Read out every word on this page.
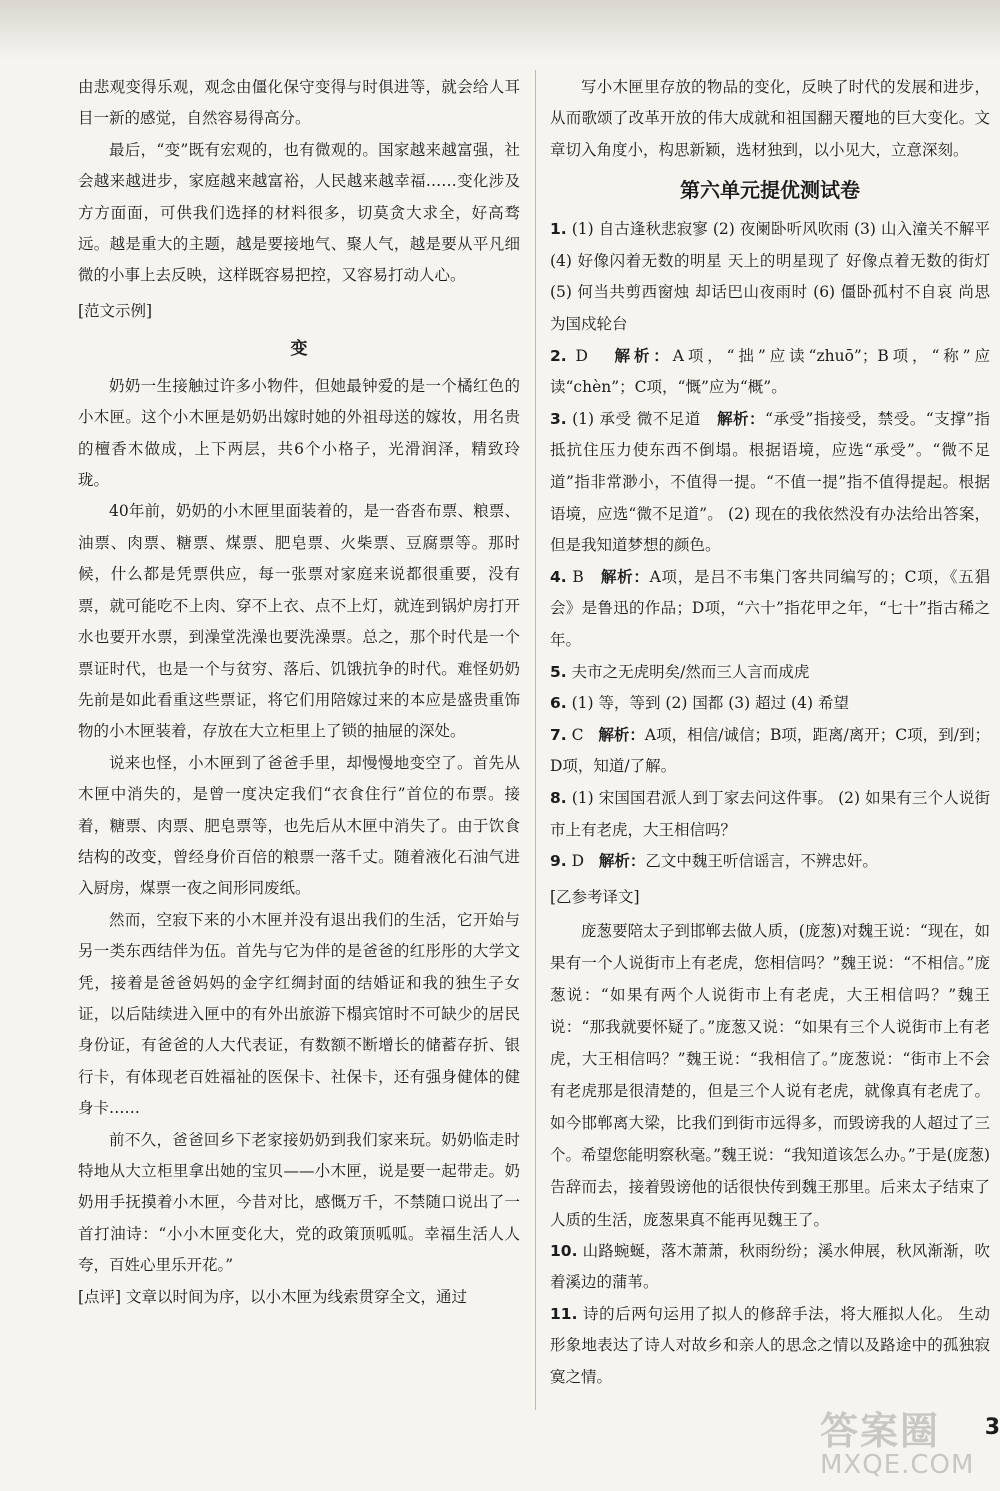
由悲观变得乐观，观念由僵化保守变得与时俱进等，就会给人耳目一新的感觉，自然容易得高分。

最后，“变”既有宏观的，也有微观的。国家越来越富强，社会越来越进步，家庭越来越富裕，人民越来越幸福……变化涉及方方面面，可供我们选择的材料很多，切莫贪大求全，好高骛远。越是重大的主题，越是要接地气、聚人气，越是要从平凡细微的小事上去反映，这样既容易把控，又容易打动人心。

[范文示例]
变

奶奶一生接触过许多小物件，但她最钟爱的是一个橘红色的小木匣。这个小木匣是奶奶出嫁时她的外祖母送的嫁妆，用名贵的檀香木做成，上下两层，共6个小格子，光滑润泽，精致玲珑。

40年前，奶奶的小木匣里面装着的，是一沓沓布票、粮票、油票、肉票、糖票、煤票、肥皂票、火柴票、豆腐票等。那时候，什么都是凭票供应，每一张票对家庭来说都很重要，没有票，就可能吃不上肉、穿不上衣、点不上灯，就连到锅炉房打开水也要开水票，到澡堂洗澡也要洗澡票。总之，那个时代是一个票证时代，也是一个与贫穷、落后、饥饿抗争的时代。难怪奶奶先前是如此看重这些票证，将它们用陪嫁过来的本应是盛贵重饰物的小木匣装着，存放在大立柜里上了锁的抽屉的深处。

说来也怪，小木匣到了爸爸手里，却慢慢地变空了。首先从木匣中消失的，是曾一度决定我们“衣食住行”首位的布票。接着，糖票、肉票、肥皂票等，也先后从木匣中消失了。由于饮食结构的改变，曾经身价百倍的粮票一落千丈。随着液化石油气进入厨房，煤票一夜之间形同废纸。

然而，空寂下来的小木匣并没有退出我们的生活，它开始与另一类东西结伴为伍。首先与它为伴的是爸爸的红彤彤的大学文凭，接着是爸爸妈妈的金字红绸封面的结婚证和我的独生子女证，以后陆续进入匣中的有外出旅游下榻宾馆时不可缺少的居民身份证，有爸爸的人大代表证，有数额不断增长的储蓄存折、银行卡，有体现老百姓福祉的医保卡、社保卡，还有强身健体的健身卡……

前不久，爸爸回乡下老家接奶奶到我们家来玩。奶奶临走时特地从大立柜里拿出她的宝贝——小木匣，说是要一起带走。奶奶用手抚摸着小木匣，今昔对比，感慨万千，不禁随口说出了一首打油诗：“小小木匣变化大，党的政策顶呱呱。幸福生活人人夸，百姓心里乐开花。”

[点评] 文章以时间为序，以小木匣为线索贯穿全文，通过

写小木匣里存放的物品的变化，反映了时代的发展和进步，从而歌颂了改革开放的伟大成就和祖国翻天覆地的巨大变化。文章切入角度小，构思新颖，选材独到，以小见大，立意深刻。

第六单元提优测试卷

1. (1) 自古逢秋悲寂寥 (2) 夜阑卧听风吹雨 (3) 山入潼关不解平 (4) 好像闪着无数的明星 天上的明星现了 好像点着无数的街灯 (5) 何当共剪西窗烛 却话巴山夜雨时 (6) 僵卧孤村不自哀 尚思为国戍轮台

2. D 解析：A项，“拙”应读“zhuō”；B项，“称”应读“chèn”；C项，“慨”应为“概”。

3. (1) 承受 微不足道 解析：“承受”指接受，禁受。“支撑”指抵抗住压力使东西不倒塌。根据语境，应选“承受”。“微不足道”指非常渺小，不值得一提。“不值一提”指不值得提起。根据语境，应选“微不足道”。 (2) 现在的我依然没有办法给出答案，但是我知道梦想的颜色。

4. B 解析：A项，是吕不韦集门客共同编写的；C项，《五猖会》是鲁迅的作品；D项，“六十”指花甲之年，“七十”指古稀之年。

5. 夫市之无虎明矣/然而三人言而成虎

6. (1) 等，等到 (2) 国都 (3) 超过 (4) 希望

7. C 解析：A项，相信/诚信；B项，距离/离开；C项，到/到；D项，知道/了解。

8. (1) 宋国国君派人到丁家去问这件事。 (2) 如果有三个人说街市上有老虎，大王相信吗？

9. D 解析：乙文中魏王听信谣言，不辨忠奸。

[乙参考译文]

庞葱要陪太子到邯郸去做人质，(庞葱)对魏王说：“现在，如果有一个人说街市上有老虎，您相信吗？”魏王说：“不相信。”庞葱说：“如果有两个人说街市上有老虎，大王相信吗？”魏王说：“那我就要怀疑了。”庞葱又说：“如果有三个人说街市上有老虎，大王相信吗？”魏王说：“我相信了。”庞葱说：“街市上不会有老虎那是很清楚的，但是三个人说有老虎，就像真有老虎了。如今邯郸离大梁，比我们到街市远得多，而毁谤我的人超过了三个。希望您能明察秋毫。”魏王说：“我知道该怎么办。”于是(庞葱)告辞而去，接着毁谤他的话很快传到魏王那里。后来太子结束了人质的生活，庞葱果真不能再见魏王了。

10. 山路蜿蜒，落木萧萧，秋雨纷纷；溪水伸展，秋风渐渐，吹着溪边的蒲苇。

11. 诗的后两句运用了拟人的修辞手法，将大雁拟人化。 生动形象地表达了诗人对故乡和亲人的思念之情以及路途中的孤独寂寞之情。

答案圈
MXQE.COM
3
